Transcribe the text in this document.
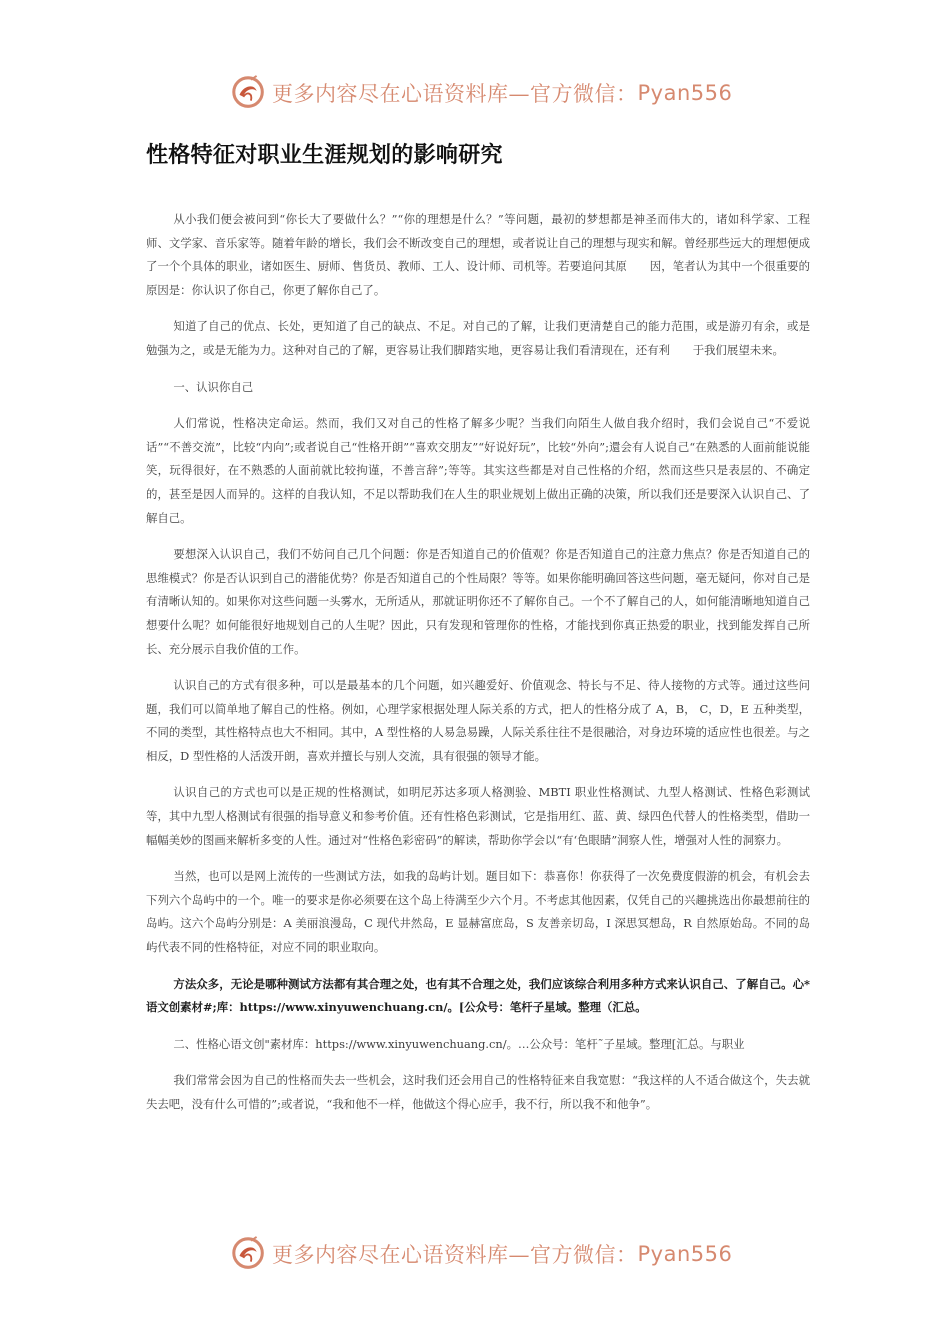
更多内容尽在心语资料库—官方微信： Pyan556
性格特征对职业生涯规划的影响研究

从小我们便会被问到“你长大了要做什么？”“你的理想是什么？”等问题，最初的梦想都是神圣而伟大的，诸如科学家、工程师、文学家、音乐家等。随着年龄的增长，我们会不断改变自己的理想，或者说让自己的理想与现实和解。曾经那些远大的理想便成了一个个具体的职业，诸如医生、厨师、售货员、教师、工人、设计师、司机等。若要追问其原　　因，笔者认为其中一个很重要的原因是：你认识了你自己，你更了解你自己了。

知道了自己的优点、长处，更知道了自己的缺点、不足。对自己的了解，让我们更清楚自己的能力范围，或是游刃有余，或是勉强为之，或是无能为力。这种对自己的了解，更容易让我们脚踏实地，更容易让我们看清现在，还有利　　于我们展望未来。

一、认识你自己

人们常说，性格决定命运。然而，我们又对自己的性格了解多少呢？当我们向陌生人做自我介绍时，我们会说自己“不爱说话”“不善交流”，比较“内向”;或者说自己“性格开朗”“喜欢交朋友”“好说好玩”，比较“外向”;還会有人说自己“在熟悉的人面前能说能笑，玩得很好，在不熟悉的人面前就比较拘谨，不善言辞”;等等。其实这些都是对自己性格的介绍，然而这些只是表层的、不确定的，甚至是因人而异的。这样的自我认知，不足以帮助我们在人生的职业规划上做出正确的决策，所以我们还是要深入认识自己、了解自己。

要想深入认识自己，我们不妨问自己几个问题：你是否知道自己的价值观？你是否知道自己的注意力焦点？你是否知道自己的思维模式？你是否认识到自己的潜能优势？你是否知道自己的个性局限？等等。如果你能明确回答这些问题，毫无疑问，你对自己是有清晰认知的。如果你对这些问题一头雾水，无所适从，那就证明你还不了解你自己。一个不了解自己的人，如何能清晰地知道自己想要什么呢？如何能很好地规划自己的人生呢？因此，只有发现和管理你的性格，才能找到你真正热爱的职业，找到能发挥自己所长、充分展示自我价值的工作。

认识自己的方式有很多种，可以是最基本的几个问题，如兴趣爱好、价值观念、特长与不足、待人接物的方式等。通过这些问题，我们可以简单地了解自己的性格。例如，心理学家根据处理人际关系的方式，把人的性格分成了 A，B， C，D，E 五种类型，不同的类型，其性格特点也大不相同。其中，A 型性格的人易急易躁，人际关系往往不是很融洽，对身边环境的适应性也很差。与之相反，D 型性格的人活泼开朗，喜欢并擅长与别人交流，具有很强的领导才能。

认识自己的方式也可以是正规的性格测试，如明尼苏达多项人格测验、MBTI 职业性格测试、九型人格测试、性格色彩测试等，其中九型人格测试有很强的指导意义和参考价值。还有性格色彩测试，它是指用红、蓝、黄、绿四色代替人的性格类型，借助一幅幅美妙的图画来解析多变的人性。通过对“性格色彩密码”的解读，帮助你学会以“有‘色眼睛”洞察人性，增强对人性的洞察力。

当然，也可以是网上流传的一些测试方法，如我的岛屿计划。题目如下：恭喜你！你获得了一次免费度假游的机会，有机会去下列六个岛屿中的一个。唯一的要求是你必须要在这个岛上待满至少六个月。不考虑其他因素，仅凭自己的兴趣挑选出你最想前往的岛屿。这六个岛屿分别是：A 美丽浪漫岛，C 现代井然岛，E 显赫富庶岛，S 友善亲切岛，I 深思冥想岛，R 自然原始岛。不同的岛屿代表不同的性格特征，对应不同的职业取向。

方法众多，无论是哪种测试方法都有其合理之处，也有其不合理之处，我们应该综合利用多种方式来认识自己、了解自己。心*语文创素材#;库：https://www.xinyuwenchuang.cn/。[公众号：笔杆子星域。整理（汇总。

二、性格心语文创"素材库：https://www.xinyuwenchuang.cn/。…公众号：笔杆˜子星域。整理[汇总。与职业

我们常常会因为自己的性格而失去一些机会，这时我们还会用自己的性格特征来自我宽慰：“我这样的人不适合做这个，失去就失去吧，没有什么可惜的”;或者说，“我和他不一样，他做这个得心应手，我不行，所以我不和他争”。

更多内容尽在心语资料库—官方微信： Pyan556
